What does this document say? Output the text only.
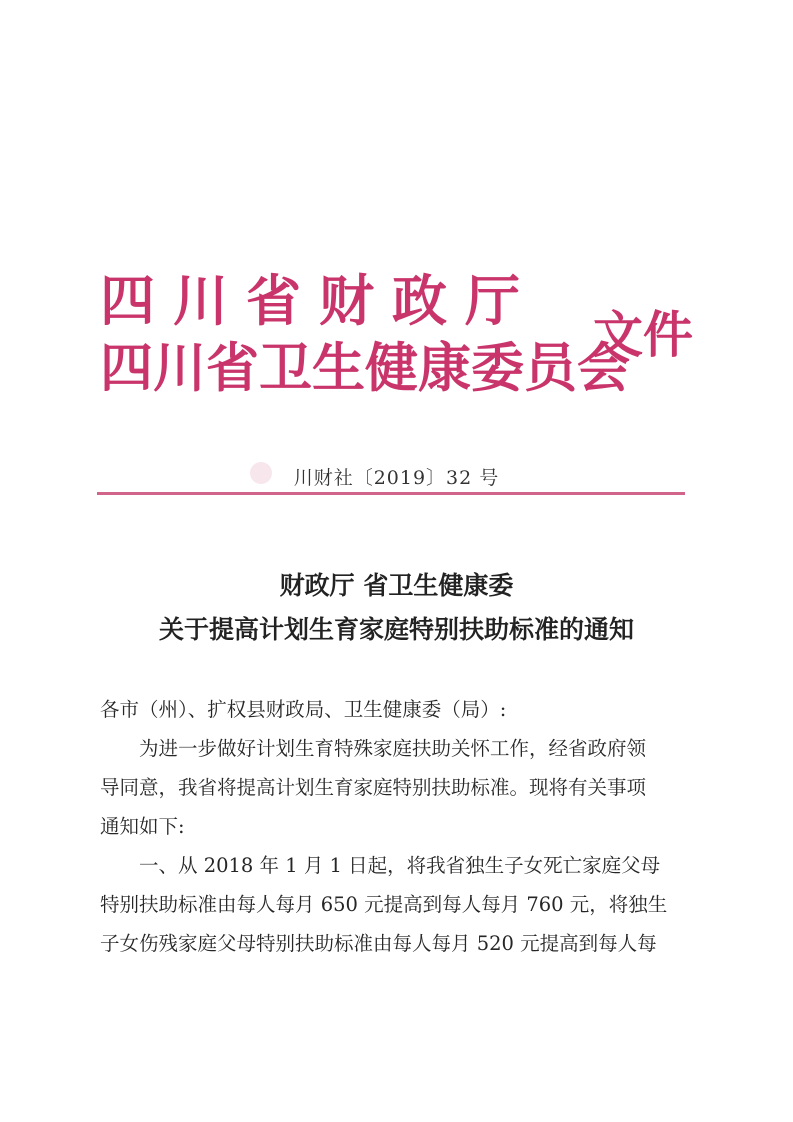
四川省财政厅
四川省卫生健康委员会
文件
川财社〔2019〕32 号
财政厅 省卫生健康委
关于提高计划生育家庭特别扶助标准的通知
各市（州）、扩权县财政局、卫生健康委（局）:
　　为进一步做好计划生育特殊家庭扶助关怀工作，经省政府领
导同意，我省将提高计划生育家庭特别扶助标准。现将有关事项
通知如下:
　　一、从 2018 年 1 月 1 日起，将我省独生子女死亡家庭父母
特别扶助标准由每人每月 650 元提高到每人每月 760 元，将独生
子女伤残家庭父母特别扶助标准由每人每月 520 元提高到每人每
